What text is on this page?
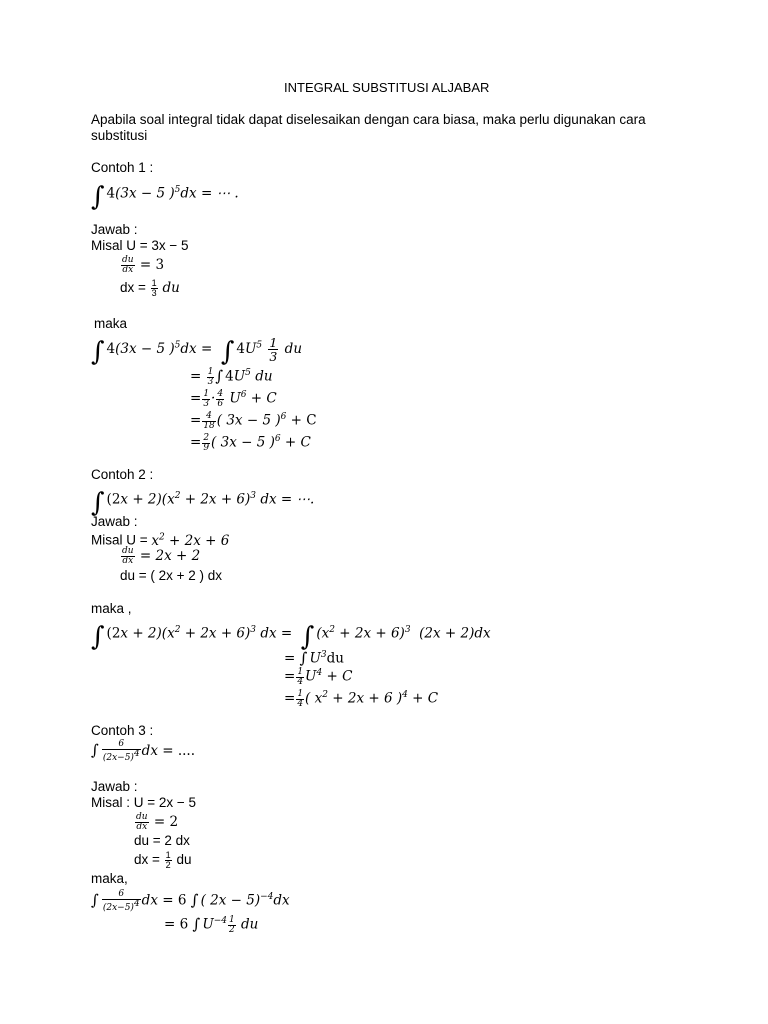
INTEGRAL SUBSTITUSI ALJABAR
Apabila soal integral tidak dapat diselesaikan dengan cara biasa, maka perlu digunakan cara substitusi
Contoh 1 :
∫ 4(3x − 5 )$^5$dx = ⋯ .
Jawab :
Misal U = 3x − 5
$\frac{du}{dx} = 3$
dx = $\frac{1}{3}$ du
maka
∫ 4(3x − 5 )$^5$dx =  ∫ $4U^5 \frac{1}{3}$ du
= $\frac{1}{3}$ ∫ $4U^5$ du
= $\frac{1}{3} \cdot \frac{4}{6} U^6 + C$
= $\frac{4}{18}$ ( 3x − 5 )$^6$ + C
= $\frac{2}{9}$ ( 3x − 5 )$^6$ + C
Contoh 2 :
∫ $(2x + 2)(x^2 + 2x + 6)^3$ dx = ⋯.
Jawab :
Misal $U = x^2 + 2x + 6$
$\frac{du}{dx} = 2x + 2$
du = ( 2x + 2 ) dx
maka ,
∫ $(2x + 2)(x^2 + 2x + 6)^3$ dx =  ∫ $(x^2 + 2x + 6)^3$  (2x + 2)dx
= ∫ $U^3du$
= $\frac{1}{4} U^4 + C$
= $\frac{1}{4}$ ( $x^2 + 2x + 6$ )$^4$ + C
Contoh 3 :
∫ $\frac{6}{(2x-5)^4}$ dx = ....
Jawab :
Misal : U = 2x − 5
$\frac{du}{dx} = 2$
du = 2 dx
dx = $\frac{1}{2}$ du
maka,
∫ $\frac{6}{(2x-5)^4}$ dx = 6 ∫ ( 2x − 5)$^{-4}$dx
= 6 ∫ $U^{-4} \frac{1}{2}$ du
